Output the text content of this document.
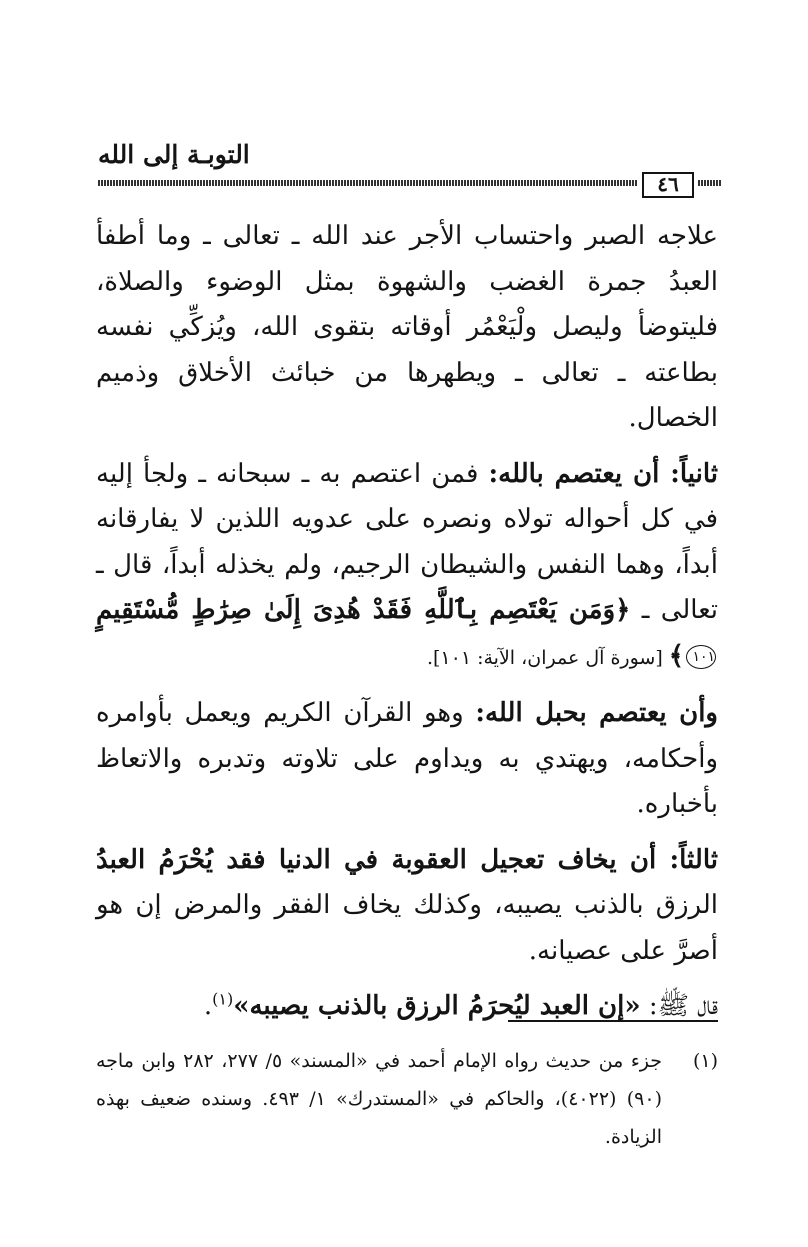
التوبـة إلى الله
٤٦

علاجه الصبر واحتساب الأجر عند الله ـ تعالى ـ وما أطفأ العبدُ جمرة الغضب والشهوة بمثل الوضوء والصلاة، فليتوضأ وليصل ولْيَعْمُر أوقاته بتقوى الله، ويُزكِّي نفسه بطاعته ـ تعالى ـ ويطهرها من خبائث الأخلاق وذميم الخصال.

ثانياً: أن يعتصم بالله: فمن اعتصم به ـ سبحانه ـ ولجأ إليه في كل أحواله تولاه ونصره على عدويه اللذين لا يفارقانه أبداً، وهما النفس والشيطان الرجيم، ولم يخذله أبداً، قال ـ تعالى ـ ﴿وَمَن يَعْتَصِم بِٱللَّهِ فَقَدْ هُدِىَ إِلَىٰ صِرَٰطٍ مُّسْتَقِيمٍ١٠١﴾ [سورة آل عمران، الآية: ١٠١].

وأن يعتصم بحبل الله: وهو القرآن الكريم ويعمل بأوامره وأحكامه، ويهتدي به ويداوم على تلاوته وتدبره والاتعاظ بأخباره.

ثالثاً: أن يخاف تعجيل العقوبة في الدنيا فقد يُحْرَمُ العبدُ الرزق بالذنب يصيبه، وكذلك يخاف الفقر والمرض إن هو أصرَّ على عصيانه.

قال ﷺ: «إن العبد ليُحرَمُ الرزق بالذنب يصيبه»$^{(١)}$.

(١)
جزء من حديث رواه الإمام أحمد في «المسند» ٥/ ٢٧٧، ٢٨٢ وابن ماجه (٩٠) (٤٠٢٢)، والحاكم في «المستدرك» ١/ ٤٩٣. وسنده ضعيف بهذه الزيادة.
